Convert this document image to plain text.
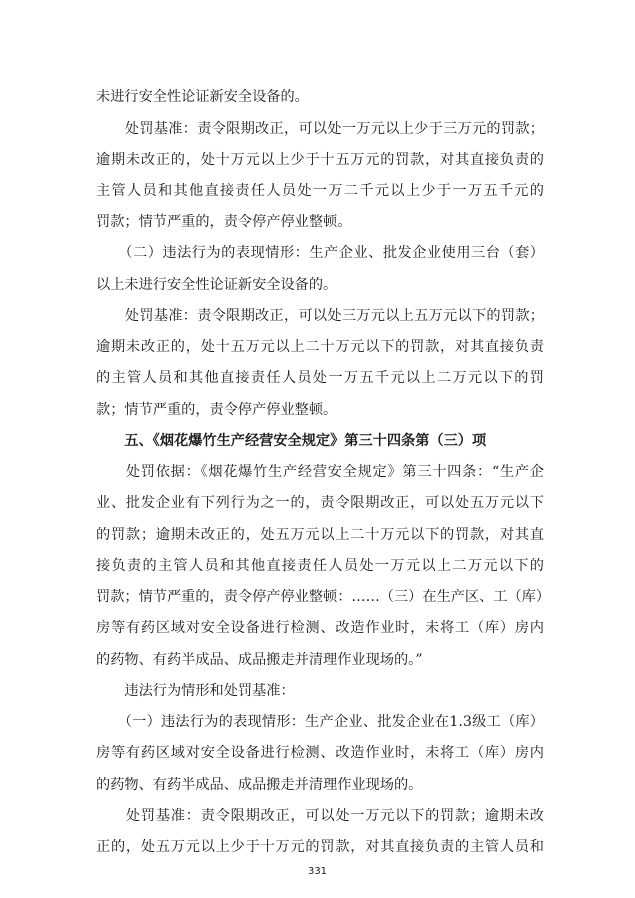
未进行安全性论证新安全设备的。
　　处罚基准：责令限期改正，可以处一万元以上少于三万元的罚款；
逾期未改正的，处十万元以上少于十五万元的罚款，对其直接负责的
主管人员和其他直接责任人员处一万二千元以上少于一万五千元的
罚款；情节严重的，责令停产停业整顿。
　　（二）违法行为的表现情形：生产企业、批发企业使用三台（套）
以上未进行安全性论证新安全设备的。
　　处罚基准：责令限期改正，可以处三万元以上五万元以下的罚款；
逾期未改正的，处十五万元以上二十万元以下的罚款，对其直接负责
的主管人员和其他直接责任人员处一万五千元以上二万元以下的罚
款；情节严重的，责令停产停业整顿。
　　五、《烟花爆竹生产经营安全规定》第三十四条第（三）项
　　处罚依据：《烟花爆竹生产经营安全规定》第三十四条：“生产企
业、批发企业有下列行为之一的，责令限期改正，可以处五万元以下
的罚款；逾期未改正的，处五万元以上二十万元以下的罚款，对其直
接负责的主管人员和其他直接责任人员处一万元以上二万元以下的
罚款；情节严重的，责令停产停业整顿：……（三）在生产区、工（库）
房等有药区域对安全设备进行检测、改造作业时，未将工（库）房内
的药物、有药半成品、成品搬走并清理作业现场的。”
　　违法行为情形和处罚基准：
　　（一）违法行为的表现情形：生产企业、批发企业在1.3级工（库）
房等有药区域对安全设备进行检测、改造作业时，未将工（库）房内
的药物、有药半成品、成品搬走并清理作业现场的。
　　处罚基准：责令限期改正，可以处一万元以下的罚款；逾期未改
正的，处五万元以上少于十万元的罚款，对其直接负责的主管人员和
331
